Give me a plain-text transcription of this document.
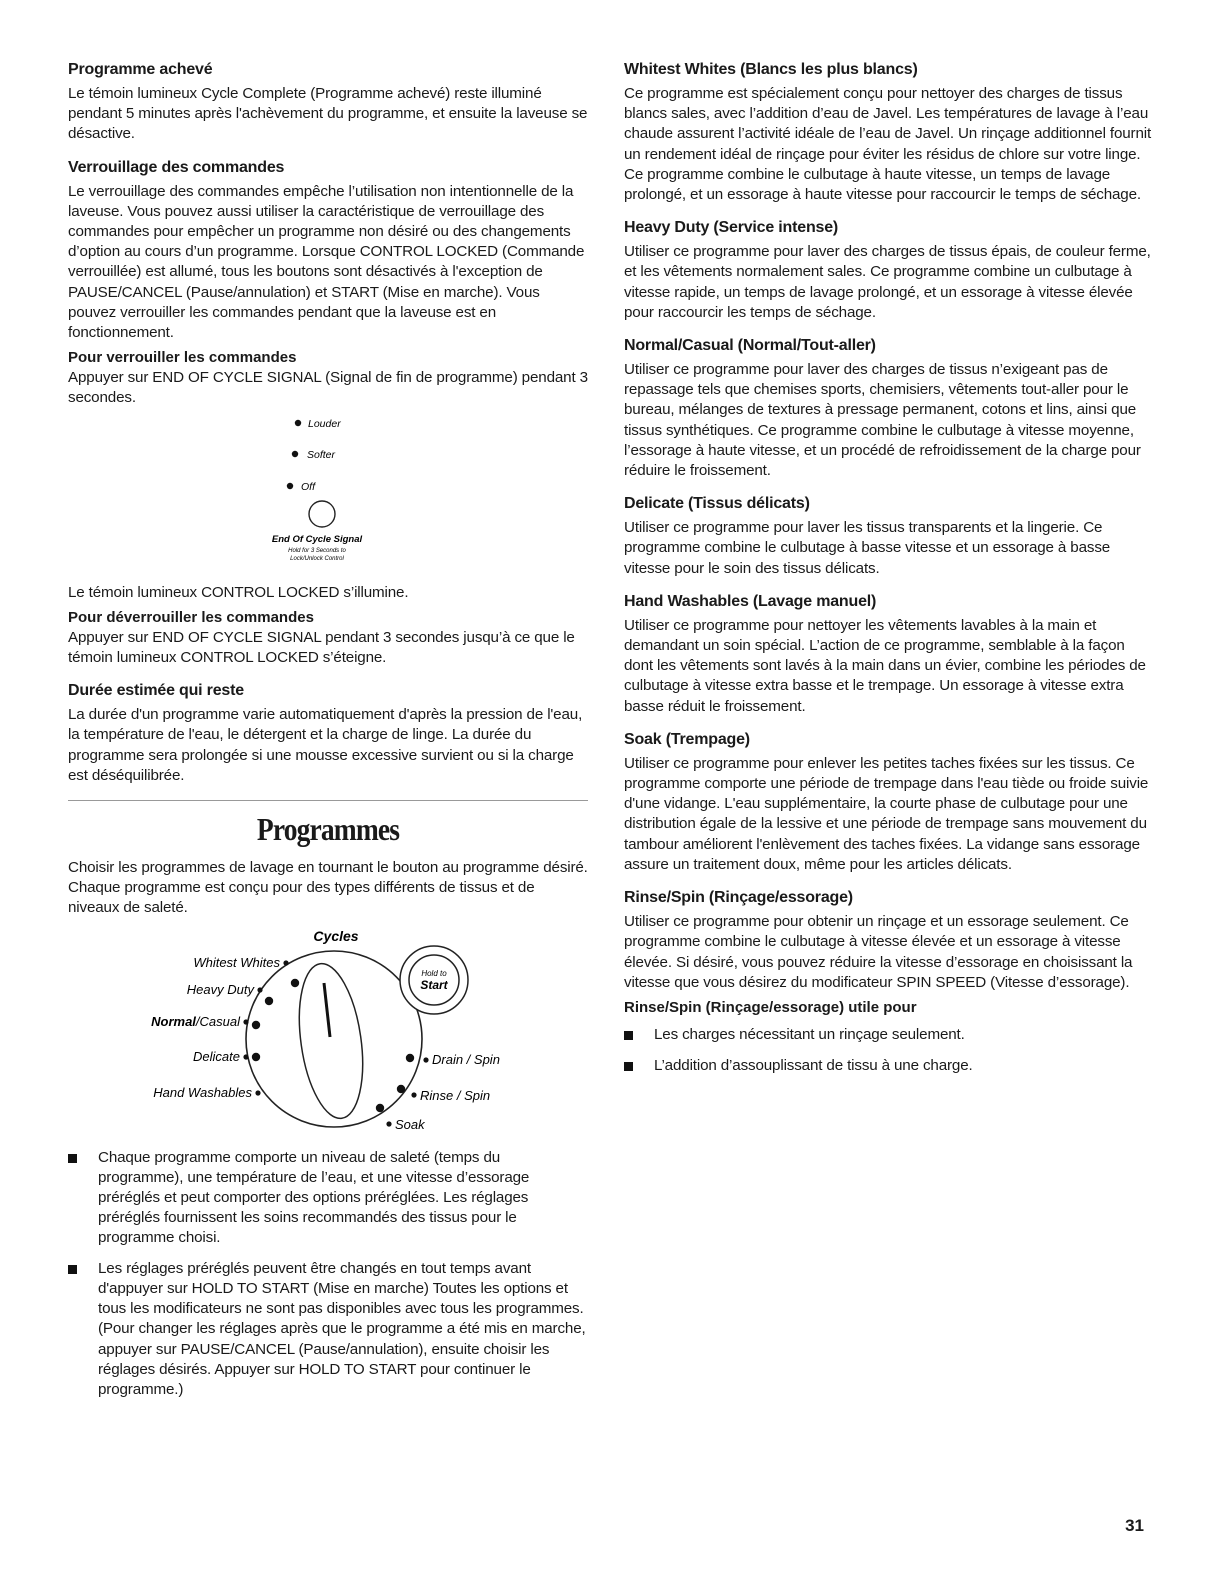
Programme achevé

Le témoin lumineux Cycle Complete (Programme achevé) reste illuminé pendant 5 minutes après l'achèvement du programme, et ensuite la laveuse se désactive.

Verrouillage des commandes

Le verrouillage des commandes empêche l’utilisation non intentionnelle de la laveuse. Vous pouvez aussi utiliser la caractéristique de verrouillage des commandes pour empêcher un programme non désiré ou des changements d’option au cours d’un programme. Lorsque CONTROL LOCKED (Commande verrouillée) est allumé, tous les boutons sont désactivés à l'exception de PAUSE/CANCEL (Pause/annulation) et START (Mise en marche). Vous pouvez verrouiller les commandes pendant que la laveuse est en fonctionnement.

Pour verrouiller les commandes

Appuyer sur END OF CYCLE SIGNAL (Signal de fin de programme) pendant 3 secondes.

Louder
Softer
Off
End Of Cycle Signal
Hold for 3 Seconds to
Lock/Unlock Control

Le témoin lumineux CONTROL LOCKED s’illumine.

Pour déverrouiller les commandes

Appuyer sur END OF CYCLE SIGNAL pendant 3 secondes jusqu’à ce que le témoin lumineux CONTROL LOCKED s’éteigne.

Durée estimée qui reste

La durée d'un programme varie automatiquement d'après la pression de l'eau, la température de l'eau, le détergent et la charge de linge. La durée du programme sera prolongée si une mousse excessive survient ou si la charge est déséquilibrée.

Programmes

Choisir les programmes de lavage en tournant le bouton au programme désiré. Chaque programme est conçu pour des types différents de tissus et de niveaux de saleté.

Cycles
Whitest Whites
Heavy Duty
Normal/Casual
Delicate
Hand Washables
Drain / Spin
Rinse / Spin
Soak
Hold to
Start
Chaque programme comporte un niveau de saleté (temps du programme), une température de l’eau, et une vitesse d’essorage préréglés et peut comporter des options préréglées. Les réglages préréglés fournissent les soins recommandés des tissus pour le programme choisi.
Les réglages préréglés peuvent être changés en tout temps avant d'appuyer sur HOLD TO START (Mise en marche) Toutes les options et tous les modificateurs ne sont pas disponibles avec tous les programmes. (Pour changer les réglages après que le programme a été mis en marche, appuyer sur PAUSE/CANCEL (Pause/annulation), ensuite choisir les réglages désirés. Appuyer sur HOLD TO START pour continuer le programme.)
Whitest Whites (Blancs les plus blancs)

Ce programme est spécialement conçu pour nettoyer des charges de tissus blancs sales, avec l’addition d’eau de Javel. Les températures de lavage à l’eau chaude assurent l’activité idéale de l’eau de Javel. Un rinçage additionnel fournit un rendement idéal de rinçage pour éviter les résidus de chlore sur votre linge. Ce programme combine le culbutage à haute vitesse, un temps de lavage prolongé, et un essorage à haute vitesse pour raccourcir le temps de séchage.

Heavy Duty (Service intense)

Utiliser ce programme pour laver des charges de tissus épais, de couleur ferme, et les vêtements normalement sales. Ce programme combine un culbutage à vitesse rapide, un temps de lavage prolongé, et un essorage à vitesse élevée pour raccourcir les temps de séchage.

Normal/Casual (Normal/Tout-aller)

Utiliser ce programme pour laver des charges de tissus n’exigeant pas de repassage tels que chemises sports, chemisiers, vêtements tout-aller pour le bureau, mélanges de textures à pressage permanent, cotons et lins, ainsi que tissus synthétiques. Ce programme combine le culbutage à vitesse moyenne, l’essorage à haute vitesse, et un procédé de refroidissement de la charge pour réduire le froissement.

Delicate (Tissus délicats)

Utiliser ce programme pour laver les tissus transparents et la lingerie. Ce programme combine le culbutage à basse vitesse et un essorage à basse vitesse pour le soin des tissus délicats.

Hand Washables (Lavage manuel)

Utiliser ce programme pour nettoyer les vêtements lavables à la main et demandant un soin spécial. L’action de ce programme, semblable à la façon dont les vêtements sont lavés à la main dans un évier, combine les périodes de culbutage à vitesse extra basse et le trempage. Un essorage à vitesse extra basse réduit le froissement.

Soak (Trempage)

Utiliser ce programme pour enlever les petites taches fixées sur les tissus. Ce programme comporte une période de trempage dans l'eau tiède ou froide suivie d'une vidange. L'eau supplémentaire, la courte phase de culbutage pour une distribution égale de la lessive et une période de trempage sans mouvement du tambour améliorent l'enlèvement des taches fixées. La vidange sans essorage assure un traitement doux, même pour les articles délicats.

Rinse/Spin (Rinçage/essorage)

Utiliser ce programme pour obtenir un rinçage et un essorage seulement. Ce programme combine le culbutage à vitesse élevée et un essorage à vitesse élevée. Si désiré, vous pouvez réduire la vitesse d’essorage en choisissant la vitesse que vous désirez du modificateur SPIN SPEED (Vitesse d’essorage).

Rinse/Spin (Rinçage/essorage) utile pour
Les charges nécessitant un rinçage seulement.
L’addition d’assouplissant de tissu à une charge.
31
